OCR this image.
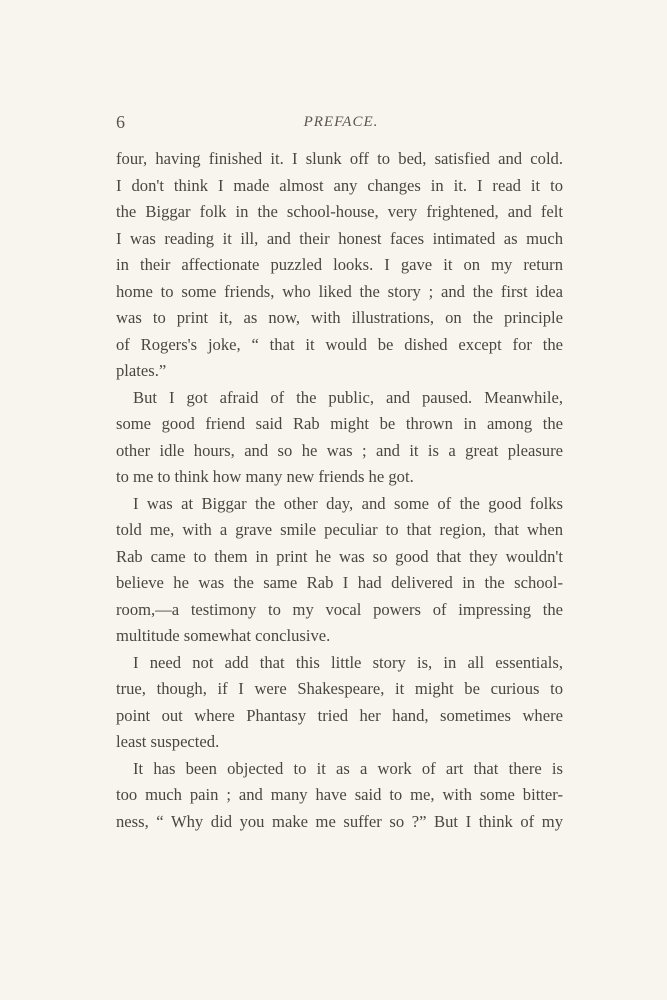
6	PREFACE.
four, having finished it. I slunk off to bed, satisfied and cold.
I don't think I made almost any changes in it. I read it to
the Biggar folk in the school-house, very frightened, and felt
I was reading it ill, and their honest faces intimated as much
in their affectionate puzzled looks. I gave it on my return
home to some friends, who liked the story ; and the first idea
was to print it, as now, with illustrations, on the principle
of Rogers's joke, “ that it would be dished except for the
plates.”
But I got afraid of the public, and paused. Meanwhile,
some good friend said Rab might be thrown in among the
other idle hours, and so he was ; and it is a great pleasure
to me to think how many new friends he got.
I was at Biggar the other day, and some of the good folks
told me, with a grave smile peculiar to that region, that when
Rab came to them in print he was so good that they wouldn't
believe he was the same Rab I had delivered in the school-
room,—a testimony to my vocal powers of impressing the
multitude somewhat conclusive.
I need not add that this little story is, in all essentials,
true, though, if I were Shakespeare, it might be curious to
point out where Phantasy tried her hand, sometimes where
least suspected.
It has been objected to it as a work of art that there is
too much pain ; and many have said to me, with some bitter-
ness, “ Why did you make me suffer so ?” But I think of my
